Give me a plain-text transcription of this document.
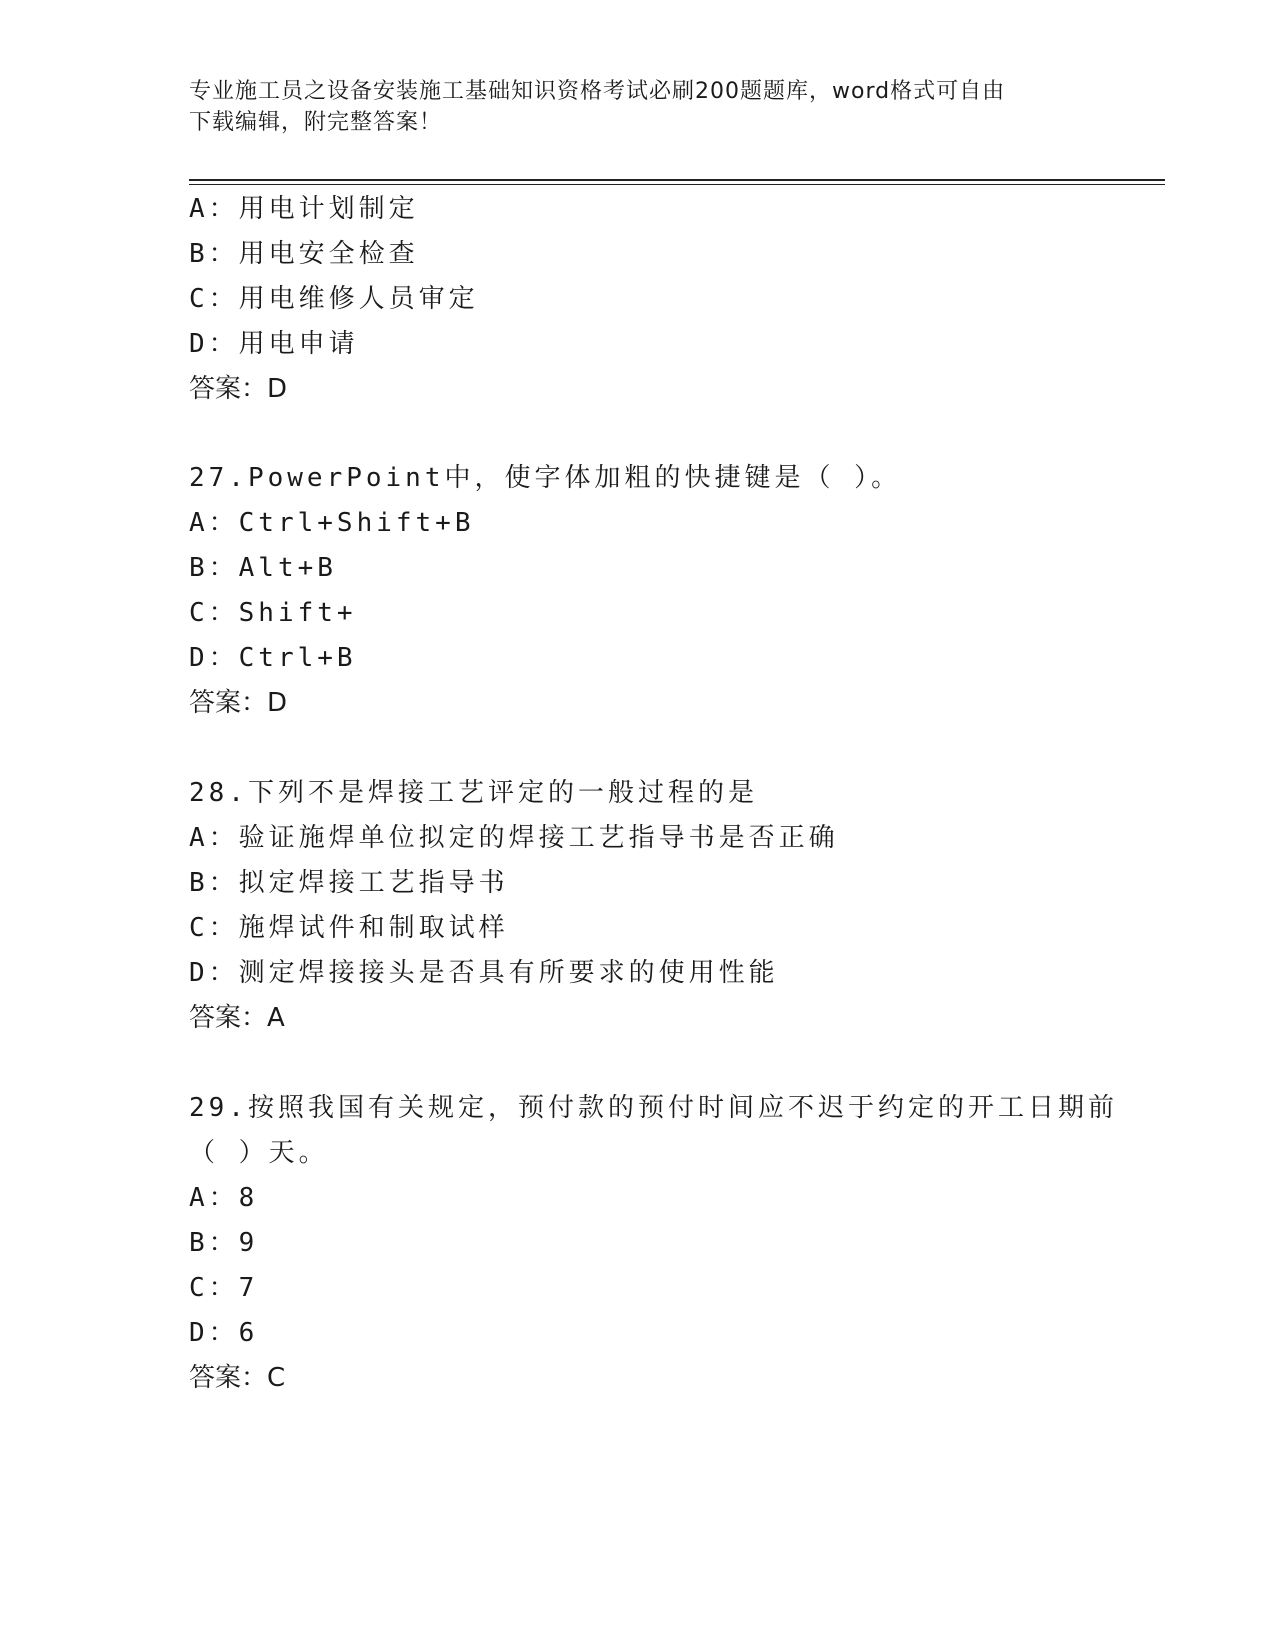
专业施工员之设备安装施工基础知识资格考试必刷200题题库，word格式可自由
下载编辑，附完整答案！
A：用电计划制定
B：用电安全检查
C：用电维修人员审定
D：用电申请
答案：D
27.PowerPoint中，使字体加粗的快捷键是（ ）。
A：Ctrl+Shift+B
B：Alt+B
C：Shift+
D：Ctrl+B
答案：D
28.下列不是焊接工艺评定的一般过程的是
A：验证施焊单位拟定的焊接工艺指导书是否正确
B：拟定焊接工艺指导书
C：施焊试件和制取试样
D：测定焊接接头是否具有所要求的使用性能
答案：A
29.按照我国有关规定，预付款的预付时间应不迟于约定的开工日期前
（ ）天。
A：8
B：9
C：7
D：6
答案：C
